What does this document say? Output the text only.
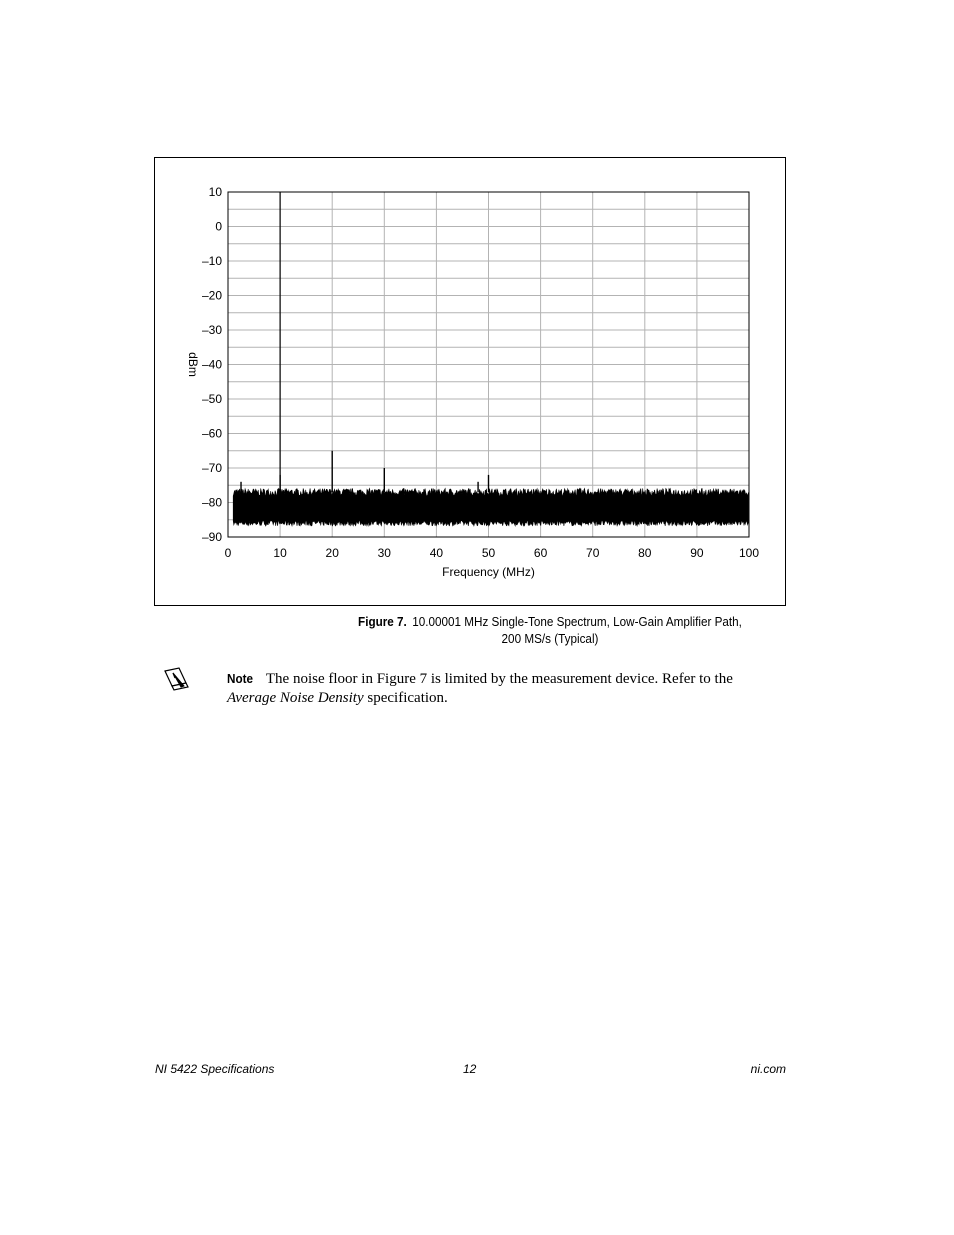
0	10	20	30	40	50	60	70	80	90	100
10
0
–10
–20
–30
–40
–50
–60
–70
–80
–90
Frequency (MHz)
dBm
Figure 7. 10.00001 MHz Single-Tone Spectrum, Low-Gain Amplifier Path,
200 MS/s (Typical)
Note The noise floor in Figure 7 is limited by the measurement device. Refer to the
Average Noise Density specification.
NI 5422 Specifications	12	ni.com
